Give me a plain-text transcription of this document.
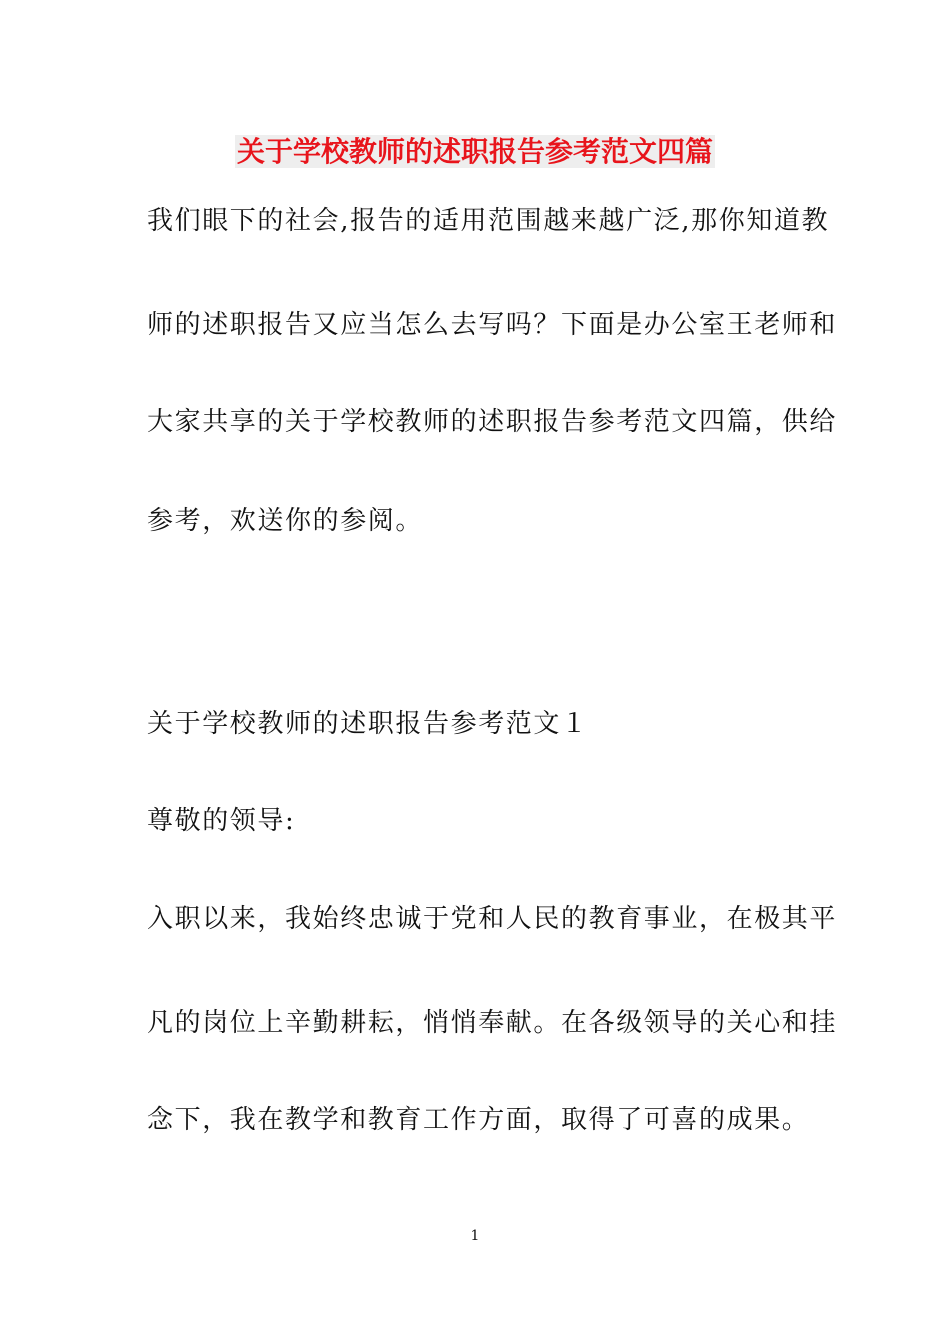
关于学校教师的述职报告参考范文四篇
我们眼下的社会,报告的适用范围越来越广泛,那你知道教
师的述职报告又应当怎么去写吗？下面是办公室王老师和
大家共享的关于学校教师的述职报告参考范文四篇，供给
参考，欢送你的参阅。
关于学校教师的述职报告参考范文１
尊敬的领导:
入职以来，我始终忠诚于党和人民的教育事业，在极其平
凡的岗位上辛勤耕耘，悄悄奉献。在各级领导的关心和挂
念下，我在教学和教育工作方面，取得了可喜的成果。
1
